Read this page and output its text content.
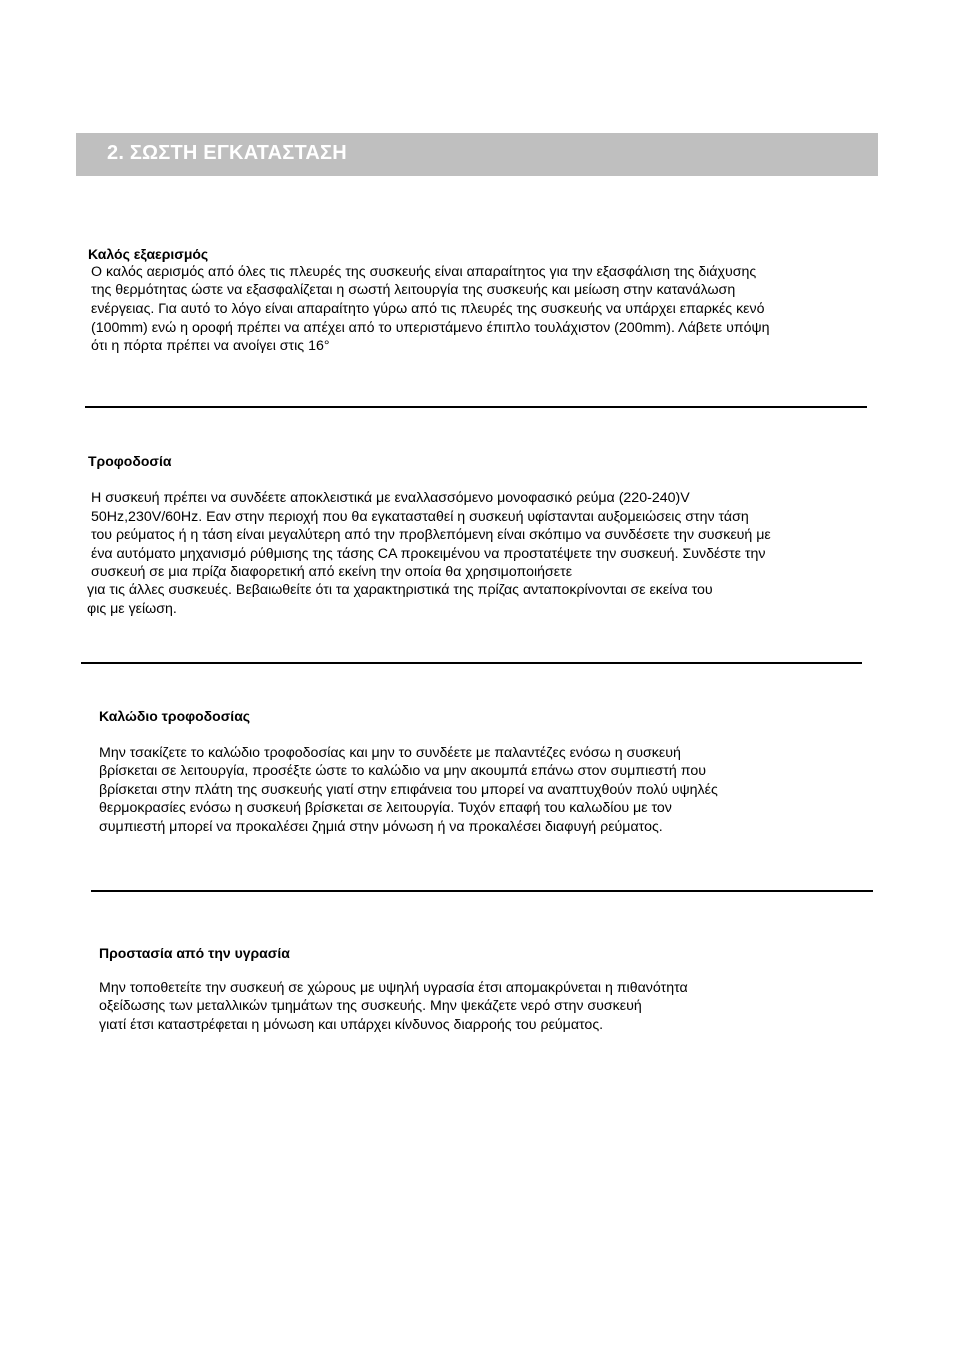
2. ΣΩΣΤΗ ΕΓΚΑΤΑΣΤΑΣΗ
Καλός εξαερισμός
Ο καλός αερισμός από όλες τις πλευρές της συσκευής είναι απαραίτητος για την εξασφάλιση της διάχυσης
της θερμότητας ώστε να εξασφαλίζεται η σωστή λειτουργία της συσκευής και μείωση στην κατανάλωση
ενέργειας. Για αυτό το λόγο είναι απαραίτητο γύρω από τις πλευρές της συσκευής να υπάρχει επαρκές κενό
(100mm) ενώ η οροφή πρέπει να απέχει από το υπεριστάμενο έπιπλο τουλάχιστον (200mm). Λάβετε υπόψη
ότι η πόρτα πρέπει να ανοίγει στις 16°
Τροφοδοσία
Η συσκευή πρέπει να συνδέετε αποκλειστικά με εναλλασσόμενο μονοφασικό ρεύμα (220-240)V
50Hz,230V/60Hz. Εαν στην περιοχή που θα εγκατασταθεί η συσκευή υφίστανται αυξομειώσεις στην τάση
του ρεύματος ή η τάση είναι μεγαλύτερη από την προβλεπόμενη είναι σκόπιμο να συνδέσετε την συσκευή με
ένα αυτόματο μηχανισμό ρύθμισης της τάσης CA προκειμένου να προστατέψετε την συσκευή. Συνδέστε την
συσκευή σε μια πρίζα διαφορετική από εκείνη την οποία θα χρησιμοποιήσετε
για τις άλλες συσκευές. Βεβαιωθείτε ότι τα χαρακτηριστικά της πρίζας ανταποκρίνονται σε εκείνα του
φις με γείωση.
Καλώδιο τροφοδοσίας
Μην τσακίζετε το καλώδιο τροφοδοσίας και μην το συνδέετε με παλαντέζες ενόσω η συσκευή
βρίσκεται σε λειτουργία, προσέξτε ώστε το καλώδιο να μην ακουμπά επάνω στον συμπιεστή που
βρίσκεται στην πλάτη της συσκευής γιατί στην επιφάνεια του μπορεί να αναπτυχθούν πολύ υψηλές
θερμοκρασίες ενόσω η συσκευή βρίσκεται σε λειτουργία. Τυχόν επαφή του καλωδίου με τον
συμπιεστή μπορεί να προκαλέσει ζημιά στην μόνωση ή να προκαλέσει διαφυγή ρεύματος.
Προστασία από την υγρασία
Μην τοποθετείτε την συσκευή σε χώρους με υψηλή υγρασία έτσι απομακρύνεται η πιθανότητα
οξείδωσης των μεταλλικών τμημάτων της συσκευής. Μην ψεκάζετε νερό στην συσκευή
γιατί έτσι καταστρέφεται η μόνωση και υπάρχει κίνδυνος διαρροής του ρεύματος.
